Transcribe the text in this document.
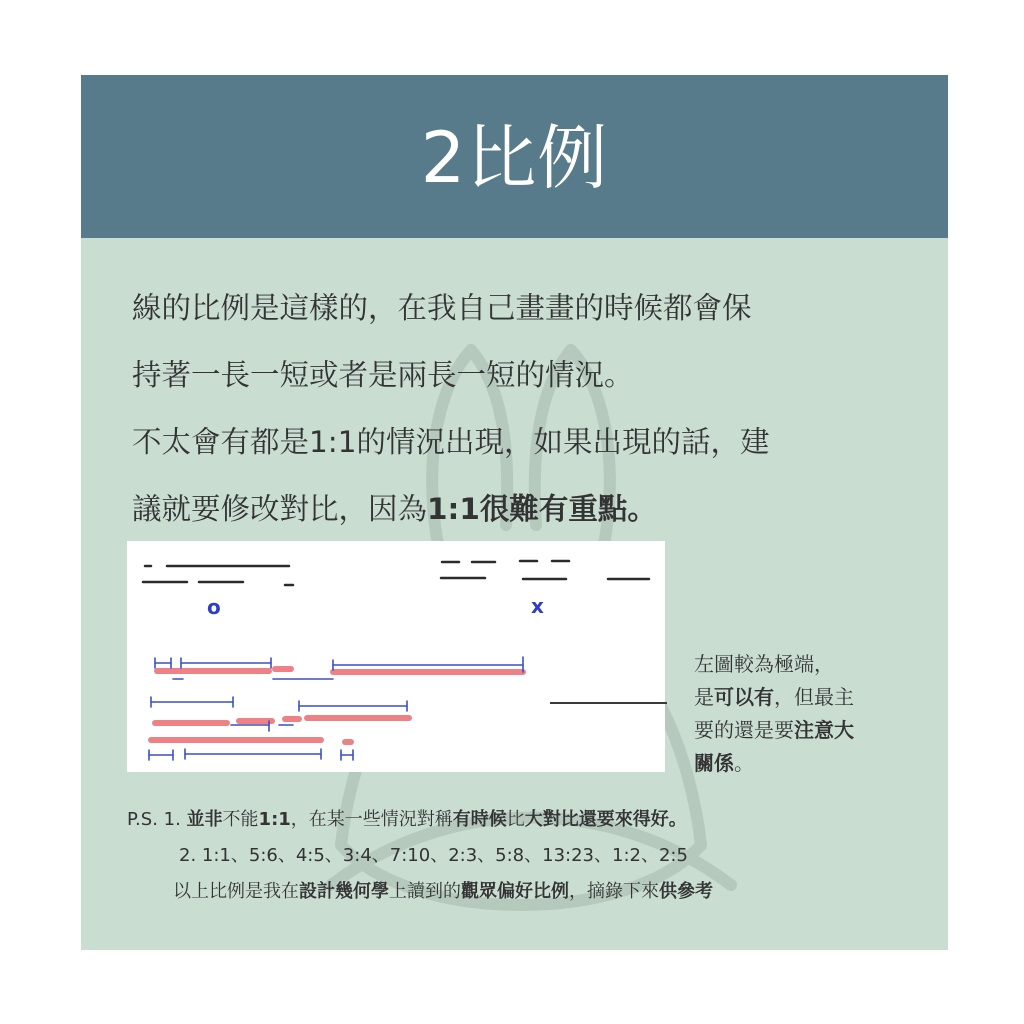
2比例

線的比例是這樣的，在我自己畫畫的時候都會保

持著一長一短或者是兩長一短的情況。

不太會有都是1:1的情況出現，如果出現的話，建

議就要修改對比，因為1:1很難有重點。

o	x
左圖較為極端，
是可以有，但最主
要的還是要注意大
關係。
P.S. 1. 並非不能1:1，在某一些情況對稱有時候比大對比還要來得好。
2. 1:1、5:6、4:5、3:4、7:10、2:3、5:8、13:23、1:2、2:5
以上比例是我在設計幾何學上讀到的觀眾偏好比例，摘錄下來供參考
